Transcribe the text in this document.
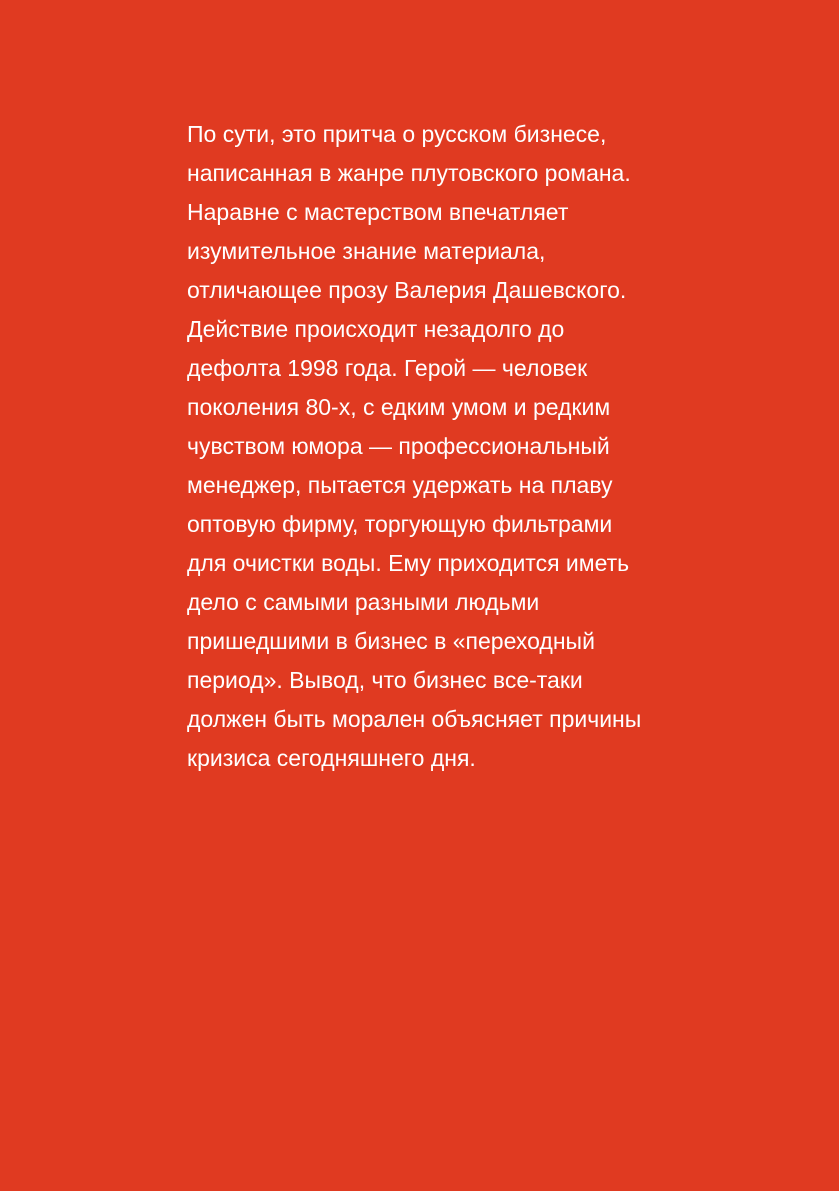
По сути, это притча о русском бизнесе,
написанная в жанре плутовского романа.
Наравне с мастерством впечатляет
изумительное знание материала,
отличающее прозу Валерия Дашевского.
Действие происходит незадолго до
дефолта 1998 года. Герой — человек
поколения 80-х, с едким умом и редким
чувством юмора — профессиональный
менеджер, пытается удержать на плаву
оптовую фирму, торгующую фильтрами
для очистки воды. Ему приходится иметь
дело с самыми разными людьми
пришедшими в бизнес в «переходный
период». Вывод, что бизнес все-таки
должен быть морален объясняет причины
кризиса сегодняшнего дня.
